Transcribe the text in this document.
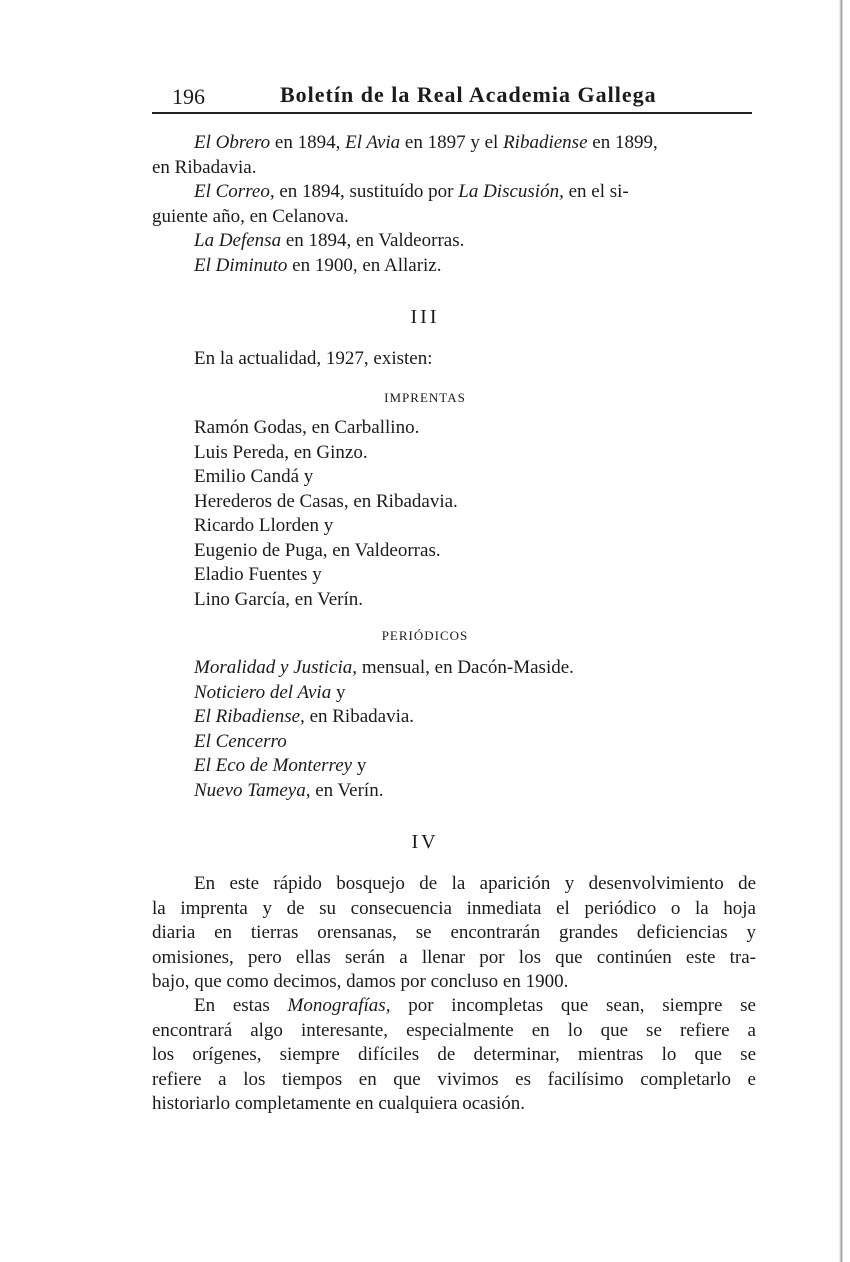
196	Boletín de la Real Academia Gallega
El Obrero en 1894, El Avia en 1897 y el Ribadiense en 1899,
en Ribadavia.
El Correo, en 1894, sustituído por La Discusión, en el si-
guiente año, en Celanova.
La Defensa en 1894, en Valdeorras.
El Diminuto en 1900, en Allariz.
III
En la actualidad, 1927, existen:
IMPRENTAS
Ramón Godas, en Carballino.
Luis Pereda, en Ginzo.
Emilio Candá y
Herederos de Casas, en Ribadavia.
Ricardo Llorden y
Eugenio de Puga, en Valdeorras.
Eladio Fuentes y
Lino García, en Verín.
PERIÓDICOS
Moralidad y Justicia, mensual, en Dacón-Maside.
Noticiero del Avia y
El Ribadiense, en Ribadavia.
El Cencerro
El Eco de Monterrey y
Nuevo Tameya, en Verín.
IV
En este rápido bosquejo de la aparición y desenvolvimiento de
la imprenta y de su consecuencia inmediata el periódico o la hoja
diaria en tierras orensanas, se encontrarán grandes deficiencias y
omisiones, pero ellas serán a llenar por los que continúen este tra-
bajo, que como decimos, damos por concluso en 1900.
En estas Monografías, por incompletas que sean, siempre se
encontrará algo interesante, especialmente en lo que se refiere a
los orígenes, siempre difíciles de determinar, mientras lo que se
refiere a los tiempos en que vivimos es facilísimo completarlo e
historiarlo completamente en cualquiera ocasión.
